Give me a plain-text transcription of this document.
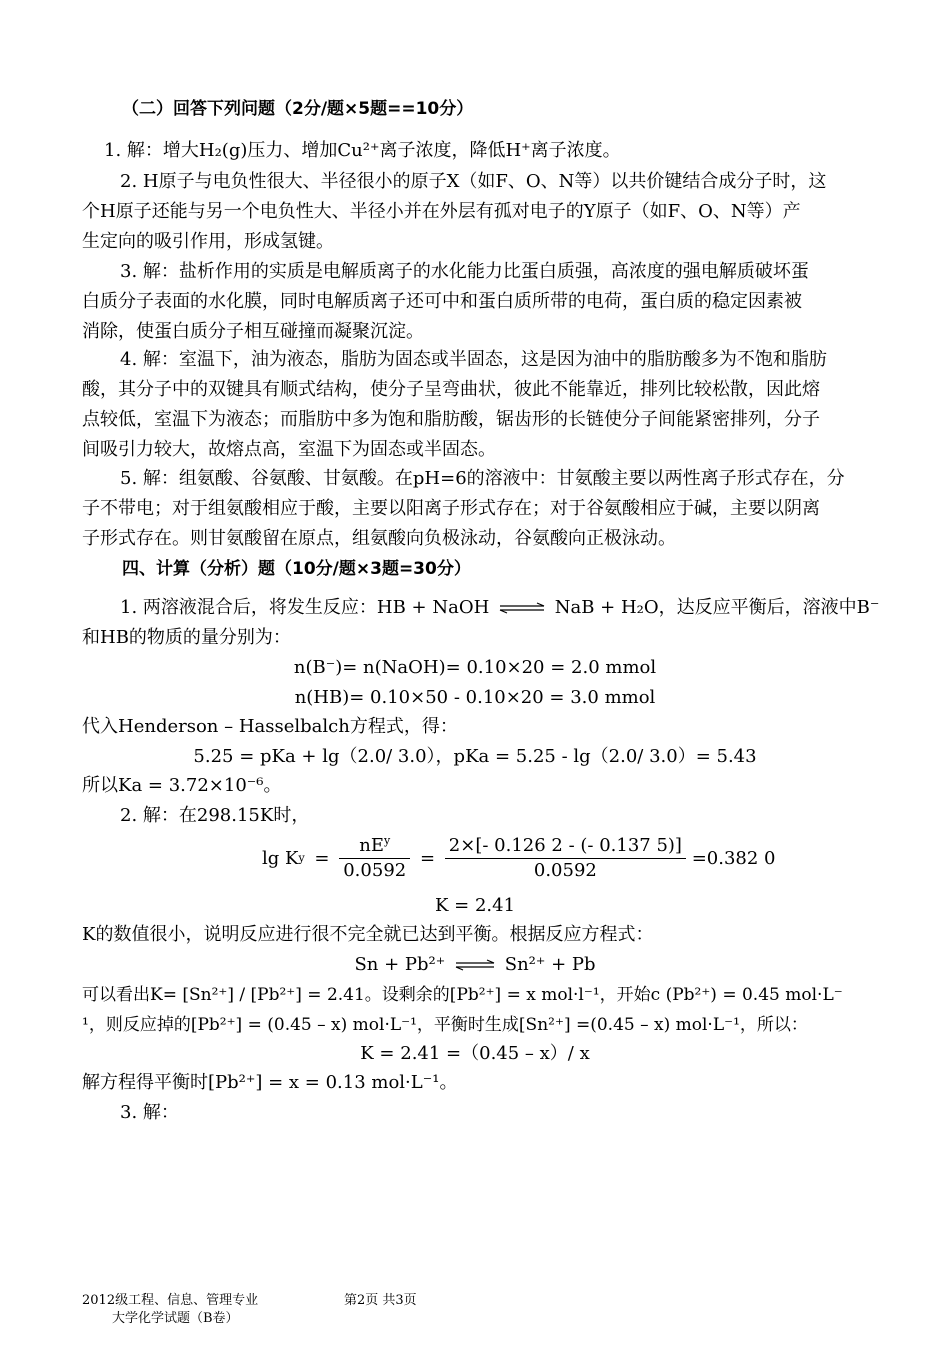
（二）回答下列问题（2分/题×5题==10分）
1. 解：增大H₂(g)压力、增加Cu²⁺离子浓度，降低H⁺离子浓度。
2. H原子与电负性很大、半径很小的原子X（如F、O、N等）以共价键结合成分子时，这
个H原子还能与另一个电负性大、半径小并在外层有孤对电子的Y原子（如F、O、N等）产
生定向的吸引作用，形成氢键。
3. 解：盐析作用的实质是电解质离子的水化能力比蛋白质强，高浓度的强电解质破坏蛋
白质分子表面的水化膜，同时电解质离子还可中和蛋白质所带的电荷，蛋白质的稳定因素被
消除，使蛋白质分子相互碰撞而凝聚沉淀。
4. 解：室温下，油为液态，脂肪为固态或半固态，这是因为油中的脂肪酸多为不饱和脂肪
酸，其分子中的双键具有顺式结构，使分子呈弯曲状，彼此不能靠近，排列比较松散，因此熔
点较低，室温下为液态；而脂肪中多为饱和脂肪酸，锯齿形的长链使分子间能紧密排列，分子
间吸引力较大，故熔点高，室温下为固态或半固态。
5. 解：组氨酸、谷氨酸、甘氨酸。在pH=6的溶液中：甘氨酸主要以两性离子形式存在，分
子不带电；对于组氨酸相应于酸，主要以阳离子形式存在；对于谷氨酸相应于碱，主要以阴离
子形式存在。则甘氨酸留在原点，组氨酸向负极泳动，谷氨酸向正极泳动。
四、计算（分析）题（10分/题×3题=30分）
1. 两溶液混合后，将发生反应：HB + NaOH ⇌ NaB + H₂O，达反应平衡后，溶液中B⁻
和HB的物质的量分别为：
n(B⁻)= n(NaOH)= 0.10×20 = 2.0 mmol
n(HB)= 0.10×50 - 0.10×20 = 3.0 mmol
代入Henderson – Hasselbalch方程式，得：
5.25 = pKa + lg（2.0/ 3.0），pKa = 5.25 - lg（2.0/ 3.0）= 5.43
所以Ka = 3.72×10⁻⁶。
2. 解：在298.15K时，
$\lg Ky = \frac{nE^y}{0.0592} = \frac{2\times[- 0.126 2 - (- 0.137 5)]}{0.0592} =0.382$ 0
K = 2.41
K的数值很小，说明反应进行很不完全就已达到平衡。根据反应方程式：
Sn + Pb²⁺ ⇌ Sn²⁺ + Pb
可以看出K= [Sn²⁺] / [Pb²⁺] = 2.41。设剩余的[Pb²⁺] = x mol·l⁻¹，开始c (Pb²⁺) = 0.45 mol·L⁻
¹，则反应掉的[Pb²⁺] = (0.45 – x) mol·L⁻¹，平衡时生成[Sn²⁺] =(0.45 – x) mol·L⁻¹，所以：
K = 2.41 =（0.45 – x）/ x
解方程得平衡时[Pb²⁺] = x = 0.13 mol·L⁻¹。
3. 解：
2012级工程、信息、管理专业
大学化学试题（B卷）
第2页 共3页
